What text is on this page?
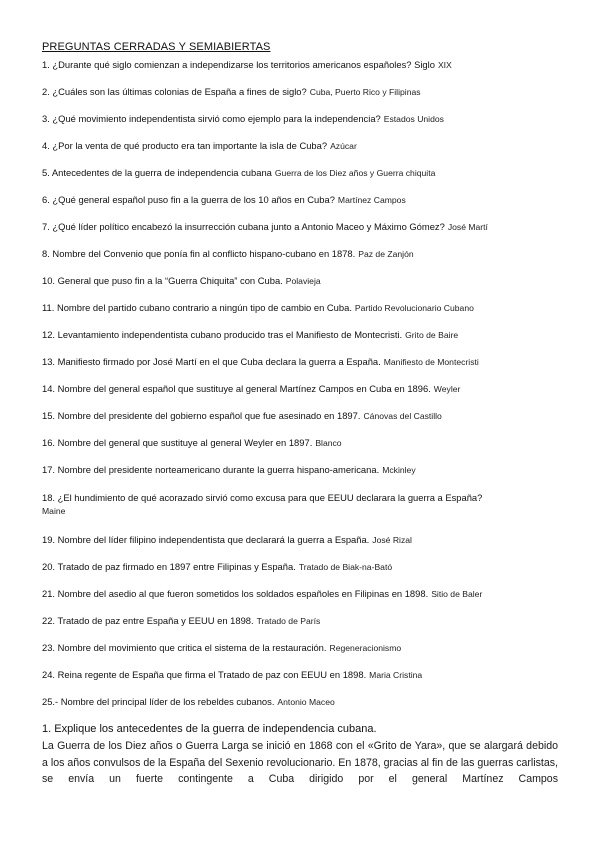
PREGUNTAS CERRADAS Y SEMIABIERTAS
1. ¿Durante qué siglo comienzan a independizarse los territorios americanos españoles? Siglo XIX
2. ¿Cuáles son las últimas colonias de España a fines de siglo? Cuba, Puerto Rico y Filipinas
3. ¿Qué movimiento independentista sirvió como ejemplo para la independencia? Estados Unidos
4. ¿Por la venta de qué producto era tan importante la isla de Cuba? Azúcar
5. Antecedentes de la guerra de independencia cubana Guerra de los Diez años y Guerra chiquita
6. ¿Qué general español puso fin a la guerra de los 10 años en Cuba? Martínez Campos
7. ¿Qué líder político encabezó la insurrección cubana junto a Antonio Maceo y Máximo Gómez? José Martí
8. Nombre del Convenio que ponía fin al conflicto hispano-cubano en 1878. Paz de Zanjón
10. General que puso fin a la “Guerra Chiquita” con Cuba. Polavieja
11. Nombre del partido cubano contrario a ningún tipo de cambio en Cuba. Partido Revolucionario Cubano
12. Levantamiento independentista cubano producido tras el Manifiesto de Montecristi. Grito de Baire
13. Manifiesto firmado por José Martí en el que Cuba declara la guerra a España. Manifiesto de Montecristi
14. Nombre del general español que sustituye al general Martínez Campos en Cuba en 1896. Weyler
15. Nombre del presidente del gobierno español que fue asesinado en 1897. Cánovas del Castillo
16. Nombre del general que sustituye al general Weyler en 1897. Blanco
17. Nombre del presidente norteamericano durante la guerra hispano-americana. Mckinley
18. ¿El hundimiento de qué acorazado sirvió como excusa para que EEUU declarara la guerra a España?
Maine
19. Nombre del líder filipino independentista que declarará la guerra a España. José Rizal
20. Tratado de paz firmado en 1897 entre Filipinas y España. Tratado de Biak-na-Bató
21. Nombre del asedio al que fueron sometidos los soldados españoles en Filipinas en 1898. Sitio de Baler
22. Tratado de paz entre España y EEUU en 1898. Tratado de París
23. Nombre del movimiento que critica el sistema de la restauración. Regeneracionismo
24. Reina regente de España que firma el Tratado de paz con EEUU en 1898. Maria Cristina
25.- Nombre del principal líder de los rebeldes cubanos. Antonio Maceo
1. Explique los antecedentes de la guerra de independencia cubana.
La Guerra de los Diez años o Guerra Larga se inició en 1868 con el «Grito de Yara», que se alargará debido a los años convulsos de la España del Sexenio revolucionario. En 1878, gracias al fin de las guerras carlistas, se envía un fuerte contingente a Cuba dirigido por el general Martínez Campos
